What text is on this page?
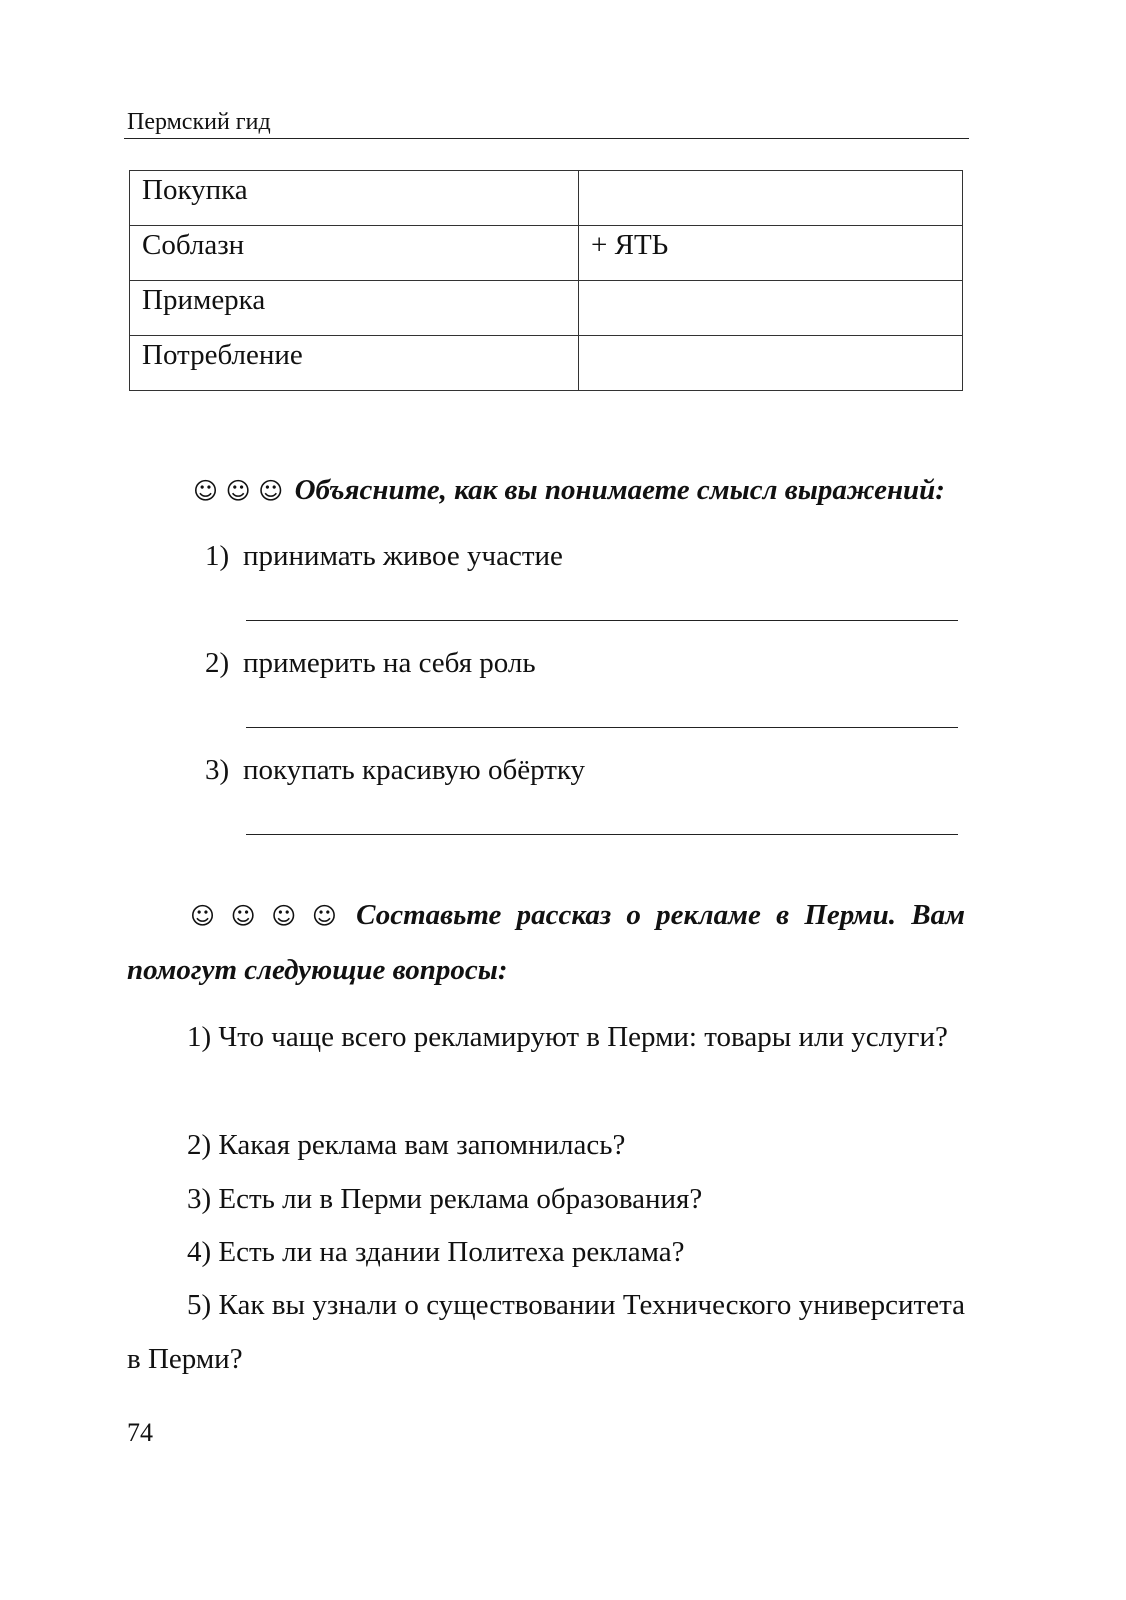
Пермский гид
Покупка	
Соблазн	+ ЯТЬ
Примерка	
Потребление	
☺ ☺ ☺ Объясните, как вы понимаете смысл выражений:
1) принимать живое участие
2) примерить на себя роль
3) покупать красивую обёртку
☺ ☺ ☺ ☺ Составьте рассказ о рекламе в Перми. Вам помогут следующие вопросы:
1) Что чаще всего рекламируют в Перми: товары или услуги?
2) Какая реклама вам запомнилась?
3) Есть ли в Перми реклама образования?
4) Есть ли на здании Политеха реклама?
5) Как вы узнали о существовании Технического университета в Перми?
74
